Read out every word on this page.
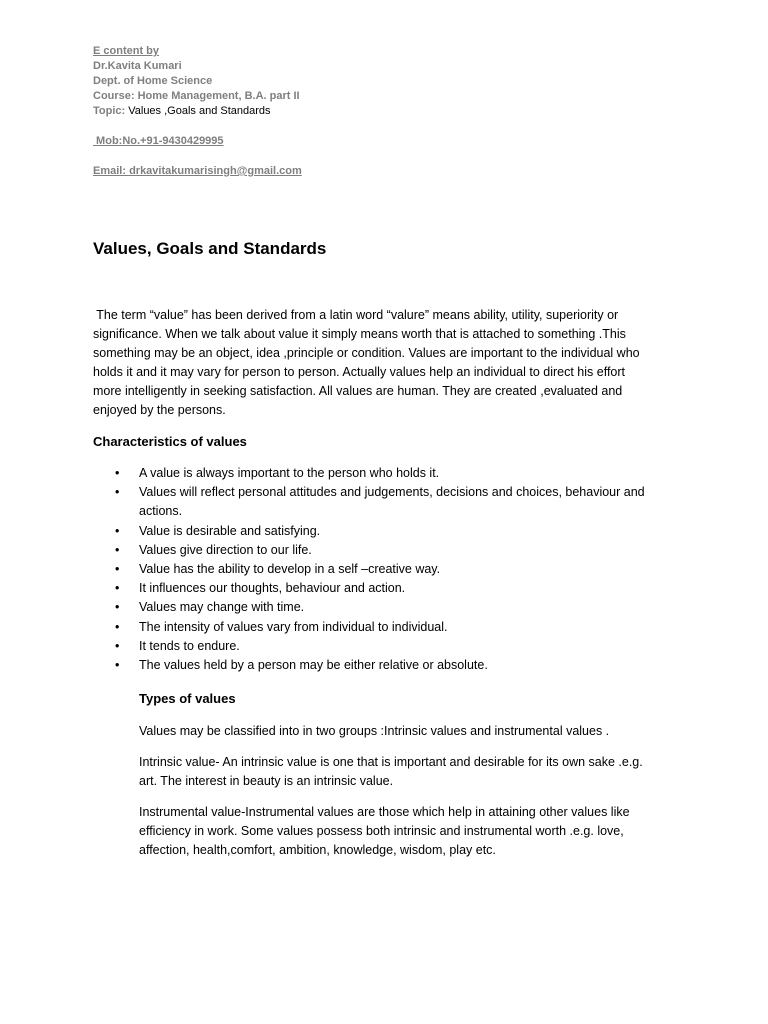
E content by
Dr.Kavita Kumari
Dept. of Home Science
Course: Home Management, B.A. part II
Topic: Values ,Goals and Standards
Mob:No.+91-9430429995
Email: drkavitakumarisingh@gmail.com
Values, Goals and Standards
The term “value” has been derived from a latin word “valure” means ability, utility, superiority or
significance. When we talk about value it simply means worth that is attached to something .This
something may be an object, idea ,principle or condition. Values are important to the individual who
holds it and it may vary for person to person. Actually values help an individual to direct his effort
more intelligently in seeking satisfaction. All values are human. They are created ,evaluated and
enjoyed by the persons.
Characteristics of values
• A value is always important to the person who holds it.
• Values will reflect personal attitudes and judgements, decisions and choices, behaviour and actions.
• Value is desirable and satisfying.
• Values give direction to our life.
• Value has the ability to develop in a self –creative way.
• It influences our thoughts, behaviour and action.
• Values may change with time.
• The intensity of values vary from individual to individual.
• It tends to endure.
• The values held by a person may be either relative or absolute.
Types of values

Values may be classified into in two groups :Intrinsic values and instrumental values .

Intrinsic value- An intrinsic value is one that is important and desirable for its own sake .e.g.
art. The interest in beauty is an intrinsic value.
Instrumental value-Instrumental values are those which help in attaining other values like
efficiency in work. Some values possess both intrinsic and instrumental worth .e.g. love,
affection, health,comfort, ambition, knowledge, wisdom, play etc.
